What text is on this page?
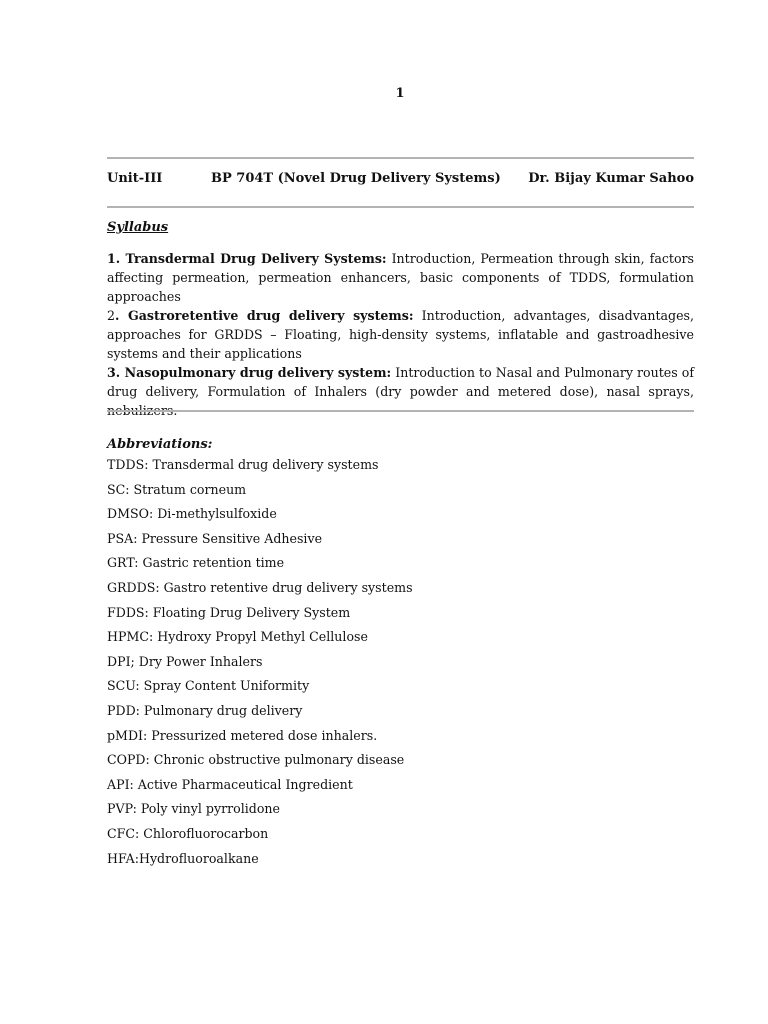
1
Unit-III	BP 704T (Novel Drug Delivery Systems) Dr. Bijay Kumar Sahoo
Syllabus

1. Transdermal Drug Delivery Systems: Introduction, Permeation through skin, factors affecting permeation, permeation enhancers, basic components of TDDS, formulation approaches

2. Gastroretentive drug delivery systems: Introduction, advantages, disadvantages, approaches for GRDDS – Floating, high-density systems, inflatable and gastroadhesive systems and their applications

3. Nasopulmonary drug delivery system: Introduction to Nasal and Pulmonary routes of drug delivery, Formulation of Inhalers (dry powder and metered dose), nasal sprays, nebulizers.

Abbreviations:
TDDS: Transdermal drug delivery systems
SC: Stratum corneum
DMSO: Di-methylsulfoxide
PSA: Pressure Sensitive Adhesive
GRT: Gastric retention time
GRDDS: Gastro retentive drug delivery systems
FDDS: Floating Drug Delivery System
HPMC: Hydroxy Propyl Methyl Cellulose
DPI; Dry Power Inhalers
SCU: Spray Content Uniformity
PDD: Pulmonary drug delivery
pMDI: Pressurized metered dose inhalers.
COPD: Chronic obstructive pulmonary disease
API: Active Pharmaceutical Ingredient
PVP: Poly vinyl pyrrolidone
CFC: Chlorofluorocarbon
HFA:Hydrofluoroalkane
